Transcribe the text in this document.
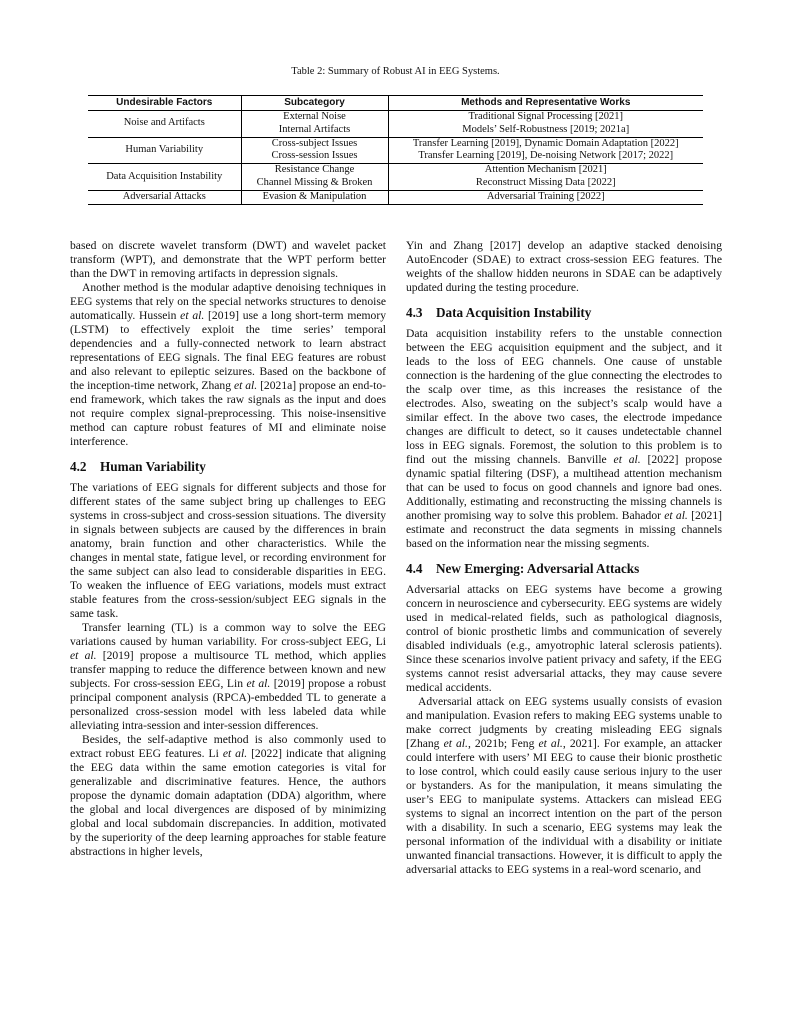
Table 2: Summary of Robust AI in EEG Systems.
Undesirable Factors	Subcategory	Methods and Representative Works
Noise and Artifacts	External Noise	Traditional Signal Processing [2021]
	Internal Artifacts	Models’ Self-Robustness [2019; 2021a]
Human Variability	Cross-subject Issues	Transfer Learning [2019], Dynamic Domain Adaptation [2022]
	Cross-session Issues	Transfer Learning [2019], De-noising Network [2017; 2022]
Data Acquisition Instability	Resistance Change	Attention Mechanism [2021]
	Channel Missing & Broken	Reconstruct Missing Data [2022]
Adversarial Attacks	Evasion & Manipulation	Adversarial Training [2022]

based on discrete wavelet transform (DWT) and wavelet packet transform (WPT), and demonstrate that the WPT perform better than the DWT in removing artifacts in depression signals.

Another method is the modular adaptive denoising techniques in EEG systems that rely on the special networks structures to denoise automatically. Hussein et al. [2019] use a long short-term memory (LSTM) to effectively exploit the time series’ temporal dependencies and a fully-connected network to learn abstract representations of EEG signals. The final EEG features are robust and also relevant to epileptic seizures. Based on the backbone of the inception-time network, Zhang et al. [2021a] propose an end-to-end framework, which takes the raw signals as the input and does not require complex signal-preprocessing. This noise-insensitive method can capture robust features of MI and eliminate noise interference.

4.2 Human Variability

The variations of EEG signals for different subjects and those for different states of the same subject bring up challenges to EEG systems in cross-subject and cross-session situations. The diversity in signals between subjects are caused by the differences in brain anatomy, brain function and other characteristics. While the changes in mental state, fatigue level, or recording environment for the same subject can also lead to considerable disparities in EEG. To weaken the influence of EEG variations, models must extract stable features from the cross-session/subject EEG signals in the same task.

Transfer learning (TL) is a common way to solve the EEG variations caused by human variability. For cross-subject EEG, Li et al. [2019] propose a multisource TL method, which applies transfer mapping to reduce the difference between known and new subjects. For cross-session EEG, Lin et al. [2019] propose a robust principal component analysis (RPCA)-embedded TL to generate a personalized cross-session model with less labeled data while alleviating intra-session and inter-session differences.

Besides, the self-adaptive method is also commonly used to extract robust EEG features. Li et al. [2022] indicate that aligning the EEG data within the same emotion categories is vital for generalizable and discriminative features. Hence, the authors propose the dynamic domain adaptation (DDA) algorithm, where the global and local divergences are disposed of by minimizing global and local subdomain discrepancies. In addition, motivated by the superiority of the deep learning approaches for stable feature abstractions in higher levels,

Yin and Zhang [2017] develop an adaptive stacked denoising AutoEncoder (SDAE) to extract cross-session EEG features. The weights of the shallow hidden neurons in SDAE can be adaptively updated during the testing procedure.

4.3 Data Acquisition Instability

Data acquisition instability refers to the unstable connection between the EEG acquisition equipment and the subject, and it leads to the loss of EEG channels. One cause of unstable connection is the hardening of the glue connecting the electrodes to the scalp over time, as this increases the resistance of the electrodes. Also, sweating on the subject’s scalp would have a similar effect. In the above two cases, the electrode impedance changes are difficult to detect, so it causes undetectable channel loss in EEG signals. Foremost, the solution to this problem is to find out the missing channels. Banville et al. [2022] propose dynamic spatial filtering (DSF), a multihead attention mechanism that can be used to focus on good channels and ignore bad ones. Additionally, estimating and reconstructing the missing channels is another promising way to solve this problem. Bahador et al. [2021] estimate and reconstruct the data segments in missing channels based on the information near the missing segments.

4.4 New Emerging: Adversarial Attacks

Adversarial attacks on EEG systems have become a growing concern in neuroscience and cybersecurity. EEG systems are widely used in medical-related fields, such as pathological diagnosis, control of bionic prosthetic limbs and communication of severely disabled individuals (e.g., amyotrophic lateral sclerosis patients). Since these scenarios involve patient privacy and safety, if the EEG systems cannot resist adversarial attacks, they may cause severe medical accidents.

Adversarial attack on EEG systems usually consists of evasion and manipulation. Evasion refers to making EEG systems unable to make correct judgments by creating misleading EEG signals [Zhang et al., 2021b; Feng et al., 2021]. For example, an attacker could interfere with users’ MI EEG to cause their bionic prosthetic to lose control, which could easily cause serious injury to the user or bystanders. As for the manipulation, it means simulating the user’s EEG to manipulate systems. Attackers can mislead EEG systems to signal an incorrect intention on the part of the person with a disability. In such a scenario, EEG systems may leak the personal information of the individual with a disability or initiate unwanted financial transactions. However, it is difficult to apply the adversarial attacks to EEG systems in a real-word scenario, and
